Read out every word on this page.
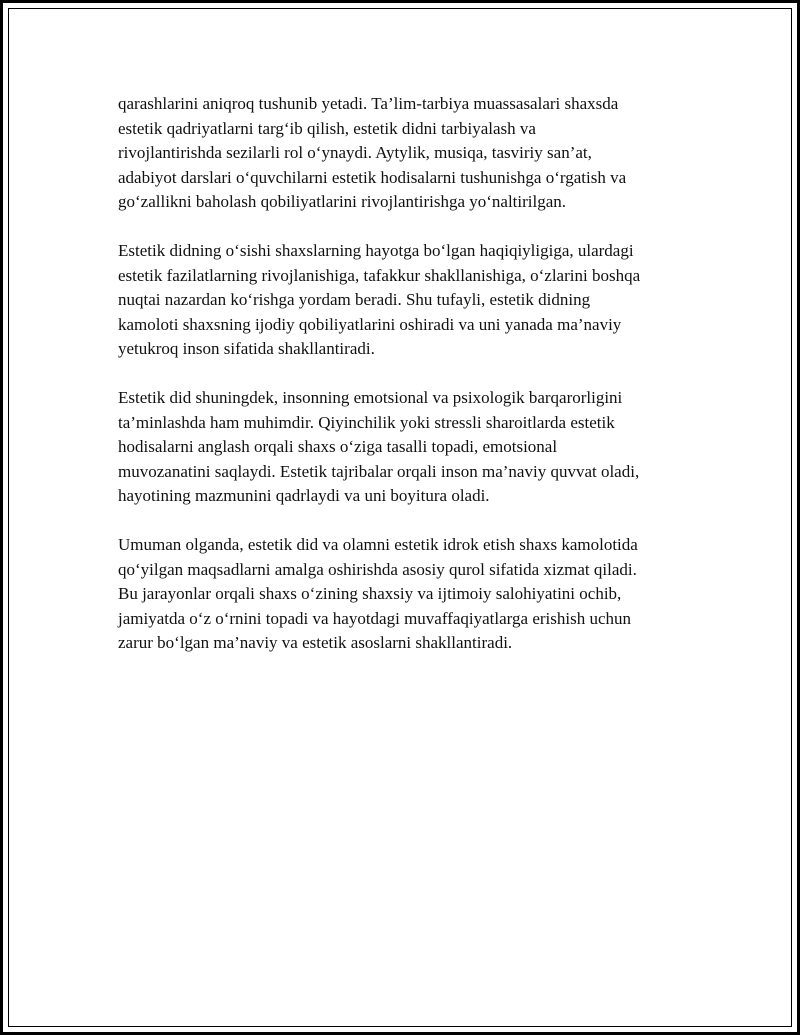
qarashlarini aniqroq tushunib yetadi. Ta’lim-tarbiya muassasalari shaxsda
estetik qadriyatlarni targ‘ib qilish, estetik didni tarbiyalash va
rivojlantirishda sezilarli rol o‘ynaydi. Aytylik, musiqa, tasviriy san’at,
adabiyot darslari o‘quvchilarni estetik hodisalarni tushunishga o‘rgatish va
go‘zallikni baholash qobiliyatlarini rivojlantirishga yo‘naltirilgan.

Estetik didning o‘sishi shaxslarning hayotga bo‘lgan haqiqiyligiga, ulardagi
estetik fazilatlarning rivojlanishiga, tafakkur shakllanishiga, o‘zlarini boshqa
nuqtai nazardan ko‘rishga yordam beradi. Shu tufayli, estetik didning
kamoloti shaxsning ijodiy qobiliyatlarini oshiradi va uni yanada ma’naviy
yetukroq inson sifatida shakllantiradi.

Estetik did shuningdek, insonning emotsional va psixologik barqarorligini
ta’minlashda ham muhimdir. Qiyinchilik yoki stressli sharoitlarda estetik
hodisalarni anglash orqali shaxs o‘ziga tasalli topadi, emotsional
muvozanatini saqlaydi. Estetik tajribalar orqali inson ma’naviy quvvat oladi,
hayotining mazmunini qadrlaydi va uni boyitura oladi.

Umuman olganda, estetik did va olamni estetik idrok etish shaxs kamolotida
qo‘yilgan maqsadlarni amalga oshirishda asosiy qurol sifatida xizmat qiladi.
Bu jarayonlar orqali shaxs o‘zining shaxsiy va ijtimoiy salohiyatini ochib,
jamiyatda o‘z o‘rnini topadi va hayotdagi muvaffaqiyatlarga erishish uchun
zarur bo‘lgan ma’naviy va estetik asoslarni shakllantiradi.
